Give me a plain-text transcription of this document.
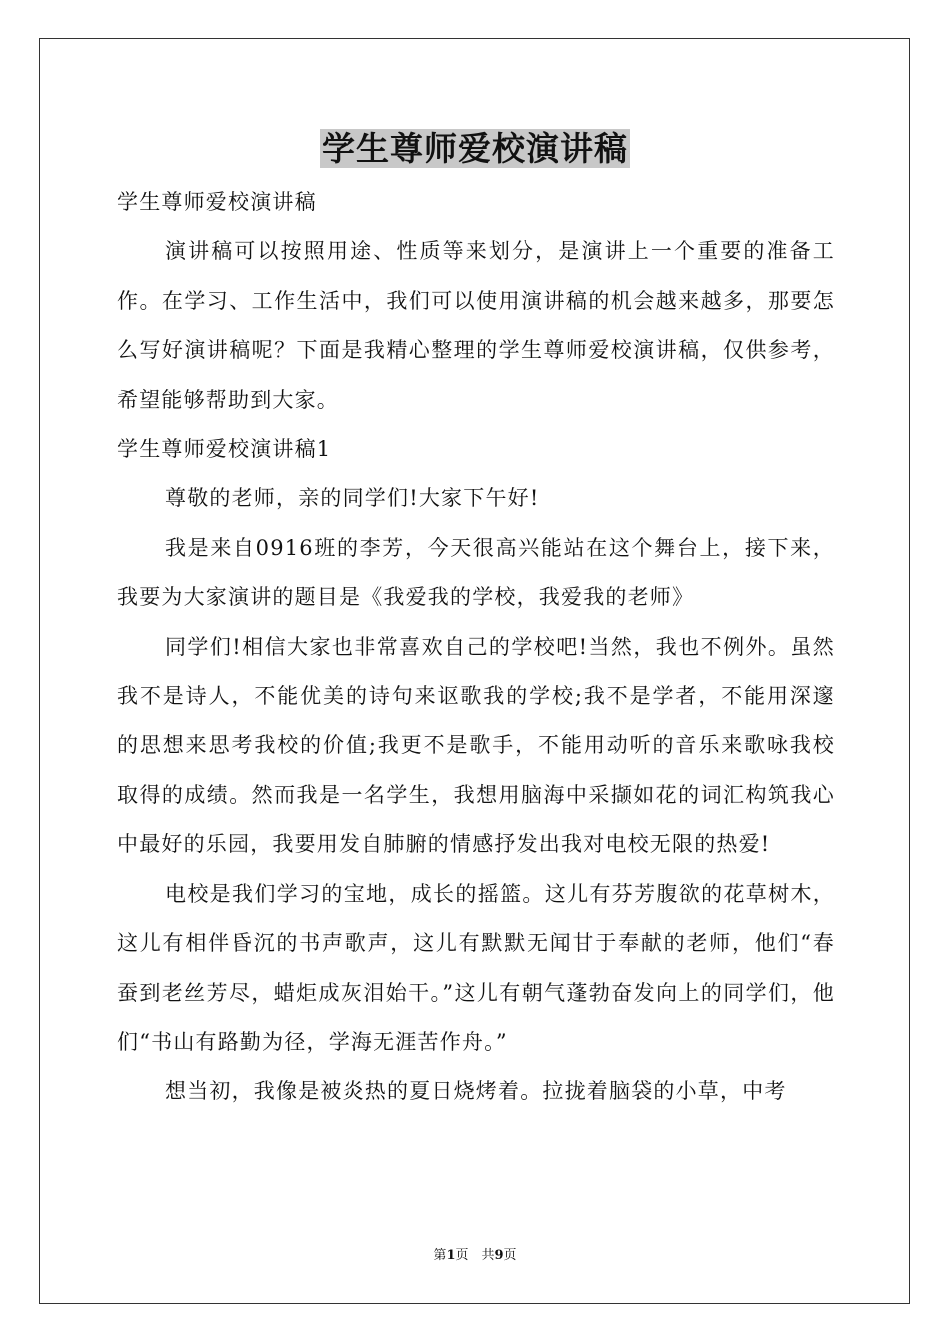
学生尊师爱校演讲稿

学生尊师爱校演讲稿

演讲稿可以按照用途、性质等来划分，是演讲上一个重要的准备工作。在学习、工作生活中，我们可以使用演讲稿的机会越来越多，那要怎么写好演讲稿呢？下面是我精心整理的学生尊师爱校演讲稿，仅供参考，希望能够帮助到大家。

学生尊师爱校演讲稿1

尊敬的老师，亲的同学们!大家下午好!

我是来自0916班的李芳，今天很高兴能站在这个舞台上，接下来，我要为大家演讲的题目是《我爱我的学校，我爱我的老师》

同学们!相信大家也非常喜欢自己的学校吧!当然，我也不例外。虽然我不是诗人，不能优美的诗句来讴歌我的学校;我不是学者，不能用深邃的思想来思考我校的价值;我更不是歌手，不能用动听的音乐来歌咏我校取得的成绩。然而我是一名学生，我想用脑海中采撷如花的词汇构筑我心中最好的乐园，我要用发自肺腑的情感抒发出我对电校无限的热爱!

电校是我们学习的宝地，成长的摇篮。这儿有芬芳腹欲的花草树木，这儿有相伴昏沉的书声歌声，这儿有默默无闻甘于奉献的老师，他们“春蚕到老丝芳尽，蜡炬成灰泪始干。”这儿有朝气蓬勃奋发向上的同学们，他们“书山有路勤为径，学海无涯苦作舟。”

想当初，我像是被炎热的夏日烧烤着。拉拢着脑袋的小草，中考

第1页　共9页
